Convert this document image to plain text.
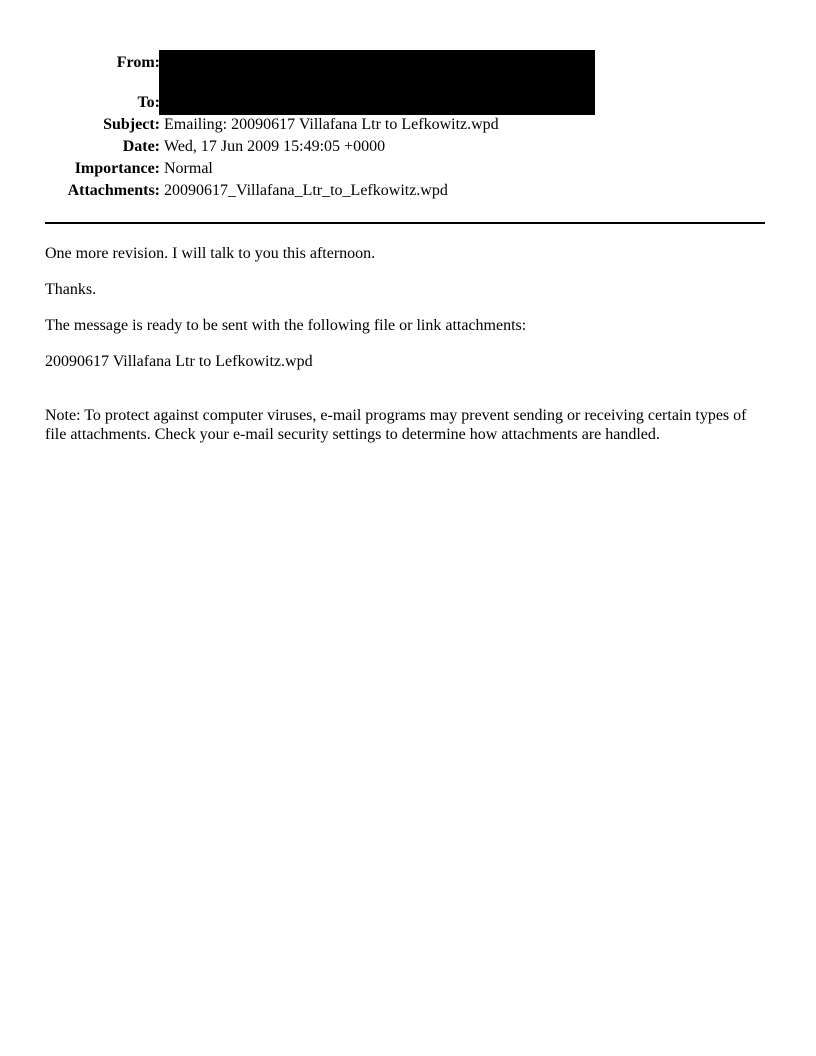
From:
To:
Subject: Emailing: 20090617 Villafana Ltr to Lefkowitz.wpd
Date: Wed, 17 Jun 2009 15:49:05 +0000
Importance: Normal
Attachments: 20090617_Villafana_Ltr_to_Lefkowitz.wpd

One more revision. I will talk to you this afternoon.

Thanks.

The message is ready to be sent with the following file or link attachments:

20090617 Villafana Ltr to Lefkowitz.wpd

Note: To protect against computer viruses, e-mail programs may prevent sending or receiving certain types of file attachments. Check your e-mail security settings to determine how attachments are handled.
